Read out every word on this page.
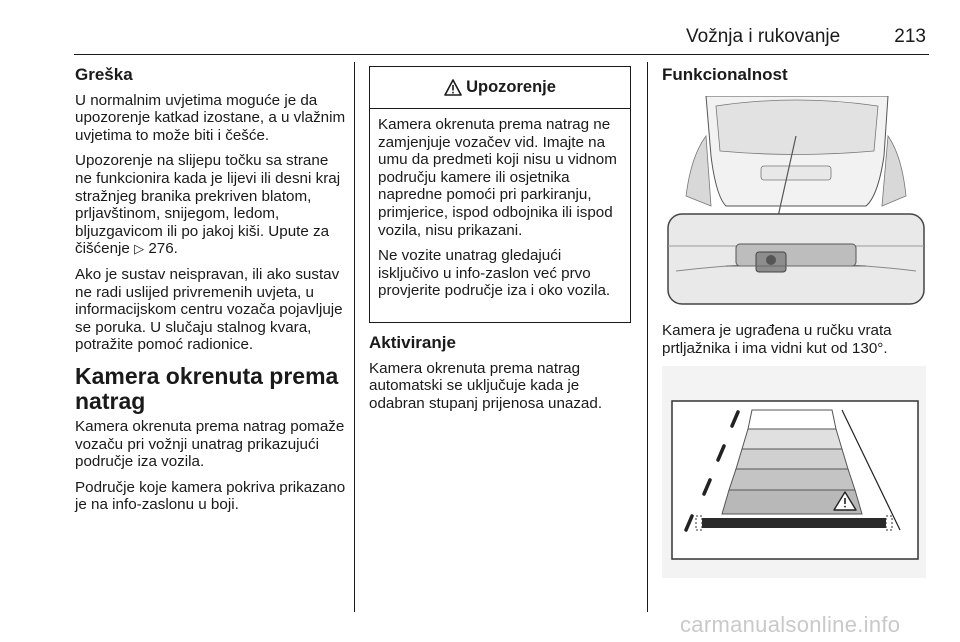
Vožnja i rukovanje	213
Greška

U normalnim uvjetima moguće je da upozorenje katkad izostane, a u vlažnim uvjetima to može biti i češće.

Upozorenje na slijepu točku sa strane ne funkcionira kada je lijevi ili desni kraj stražnjeg branika prekriven blatom, prljavštinom, snijegom, ledom, bljuzgavicom ili po jakoj kiši. Upute za čišćenje ▷ 276.

Ako je sustav neispravan, ili ako sustav ne radi uslijed privremenih uvjeta, u informacijskom centru vozača pojavljuje se poruka. U slučaju stalnog kvara, potražite pomoć radionice.

Kamera okrenuta prema natrag

Kamera okrenuta prema natrag pomaže vozaču pri vožnji unatrag prikazujući područje iza vozila.

Područje koje kamera pokriva prikazano je na info-zaslonu u boji.

Upozorenje

Kamera okrenuta prema natrag ne zamjenjuje vozačev vid. Imajte na umu da predmeti koji nisu u vidnom području kamere ili osjetnika napredne pomoći pri parkiranju, primjerice, ispod odbojnika ili ispod vozila, nisu prikazani.

Ne vozite unatrag gledajući isključivo u info-zaslon već prvo provjerite područje iza i oko vozila.

Aktiviranje

Kamera okrenuta prema natrag automatski se uključuje kada je odabran stupanj prijenosa unazad.

Funkcionalnost

Kamera je ugrađena u ručku vrata prtljažnika i ima vidni kut od 130°.

carmanualsonline.info
